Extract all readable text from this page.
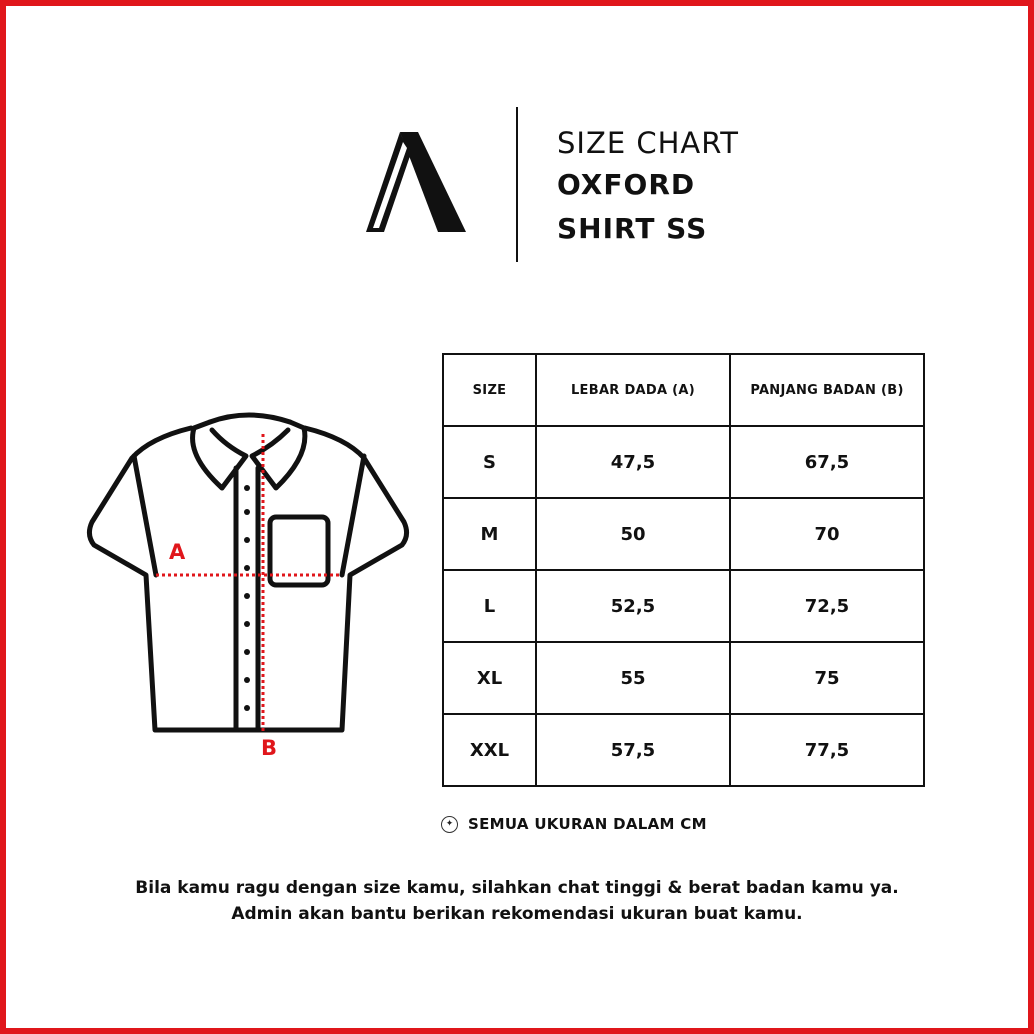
SIZE CHART
OXFORD
SHIRT SS
A
B
SIZE	LEBAR DADA (A)	PANJANG BADAN (B)
S	47,5	67,5
M	50	70
L	52,5	72,5
XL	55	75
XXL	57,5	77,5
✦ SEMUA UKURAN DALAM CM
Bila kamu ragu dengan size kamu, silahkan chat tinggi & berat badan kamu ya.
Admin akan bantu berikan rekomendasi ukuran buat kamu.
